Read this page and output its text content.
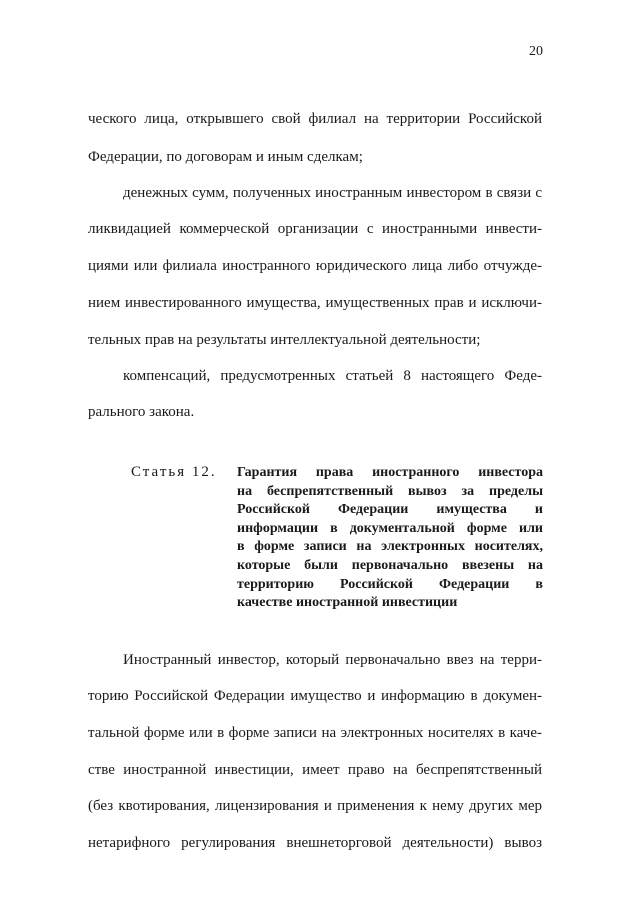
20
ческого лица, открывшего свой филиал на территории Российской
Федерации, по договорам и иным сделкам;
денежных сумм, полученных иностранным инвестором в связи с
ликвидацией коммерческой организации с иностранными инвести-
циями или филиала иностранного юридического лица либо отчужде-
нием инвестированного имущества, имущественных прав и исключи-
тельных прав на результаты интеллектуальной деятельности;
компенсаций, предусмотренных статьей 8 настоящего Феде-
рального закона.
Статья 12. Гарантия права иностранного инвестора
на беспрепятственный вывоз за пределы
Российской Федерации имущества и
информации в документальной форме или
в форме записи на электронных носителях,
которые были первоначально ввезены на
территорию Российской Федерации в
качестве иностранной инвестиции
Иностранный инвестор, который первоначально ввез на терри-
торию Российской Федерации имущество и информацию в докумен-
тальной форме или в форме записи на электронных носителях в каче-
стве иностранной инвестиции, имеет право на беспрепятственный
(без квотирования, лицензирования и применения к нему других мер
нетарифного регулирования внешнеторговой деятельности) вывоз
